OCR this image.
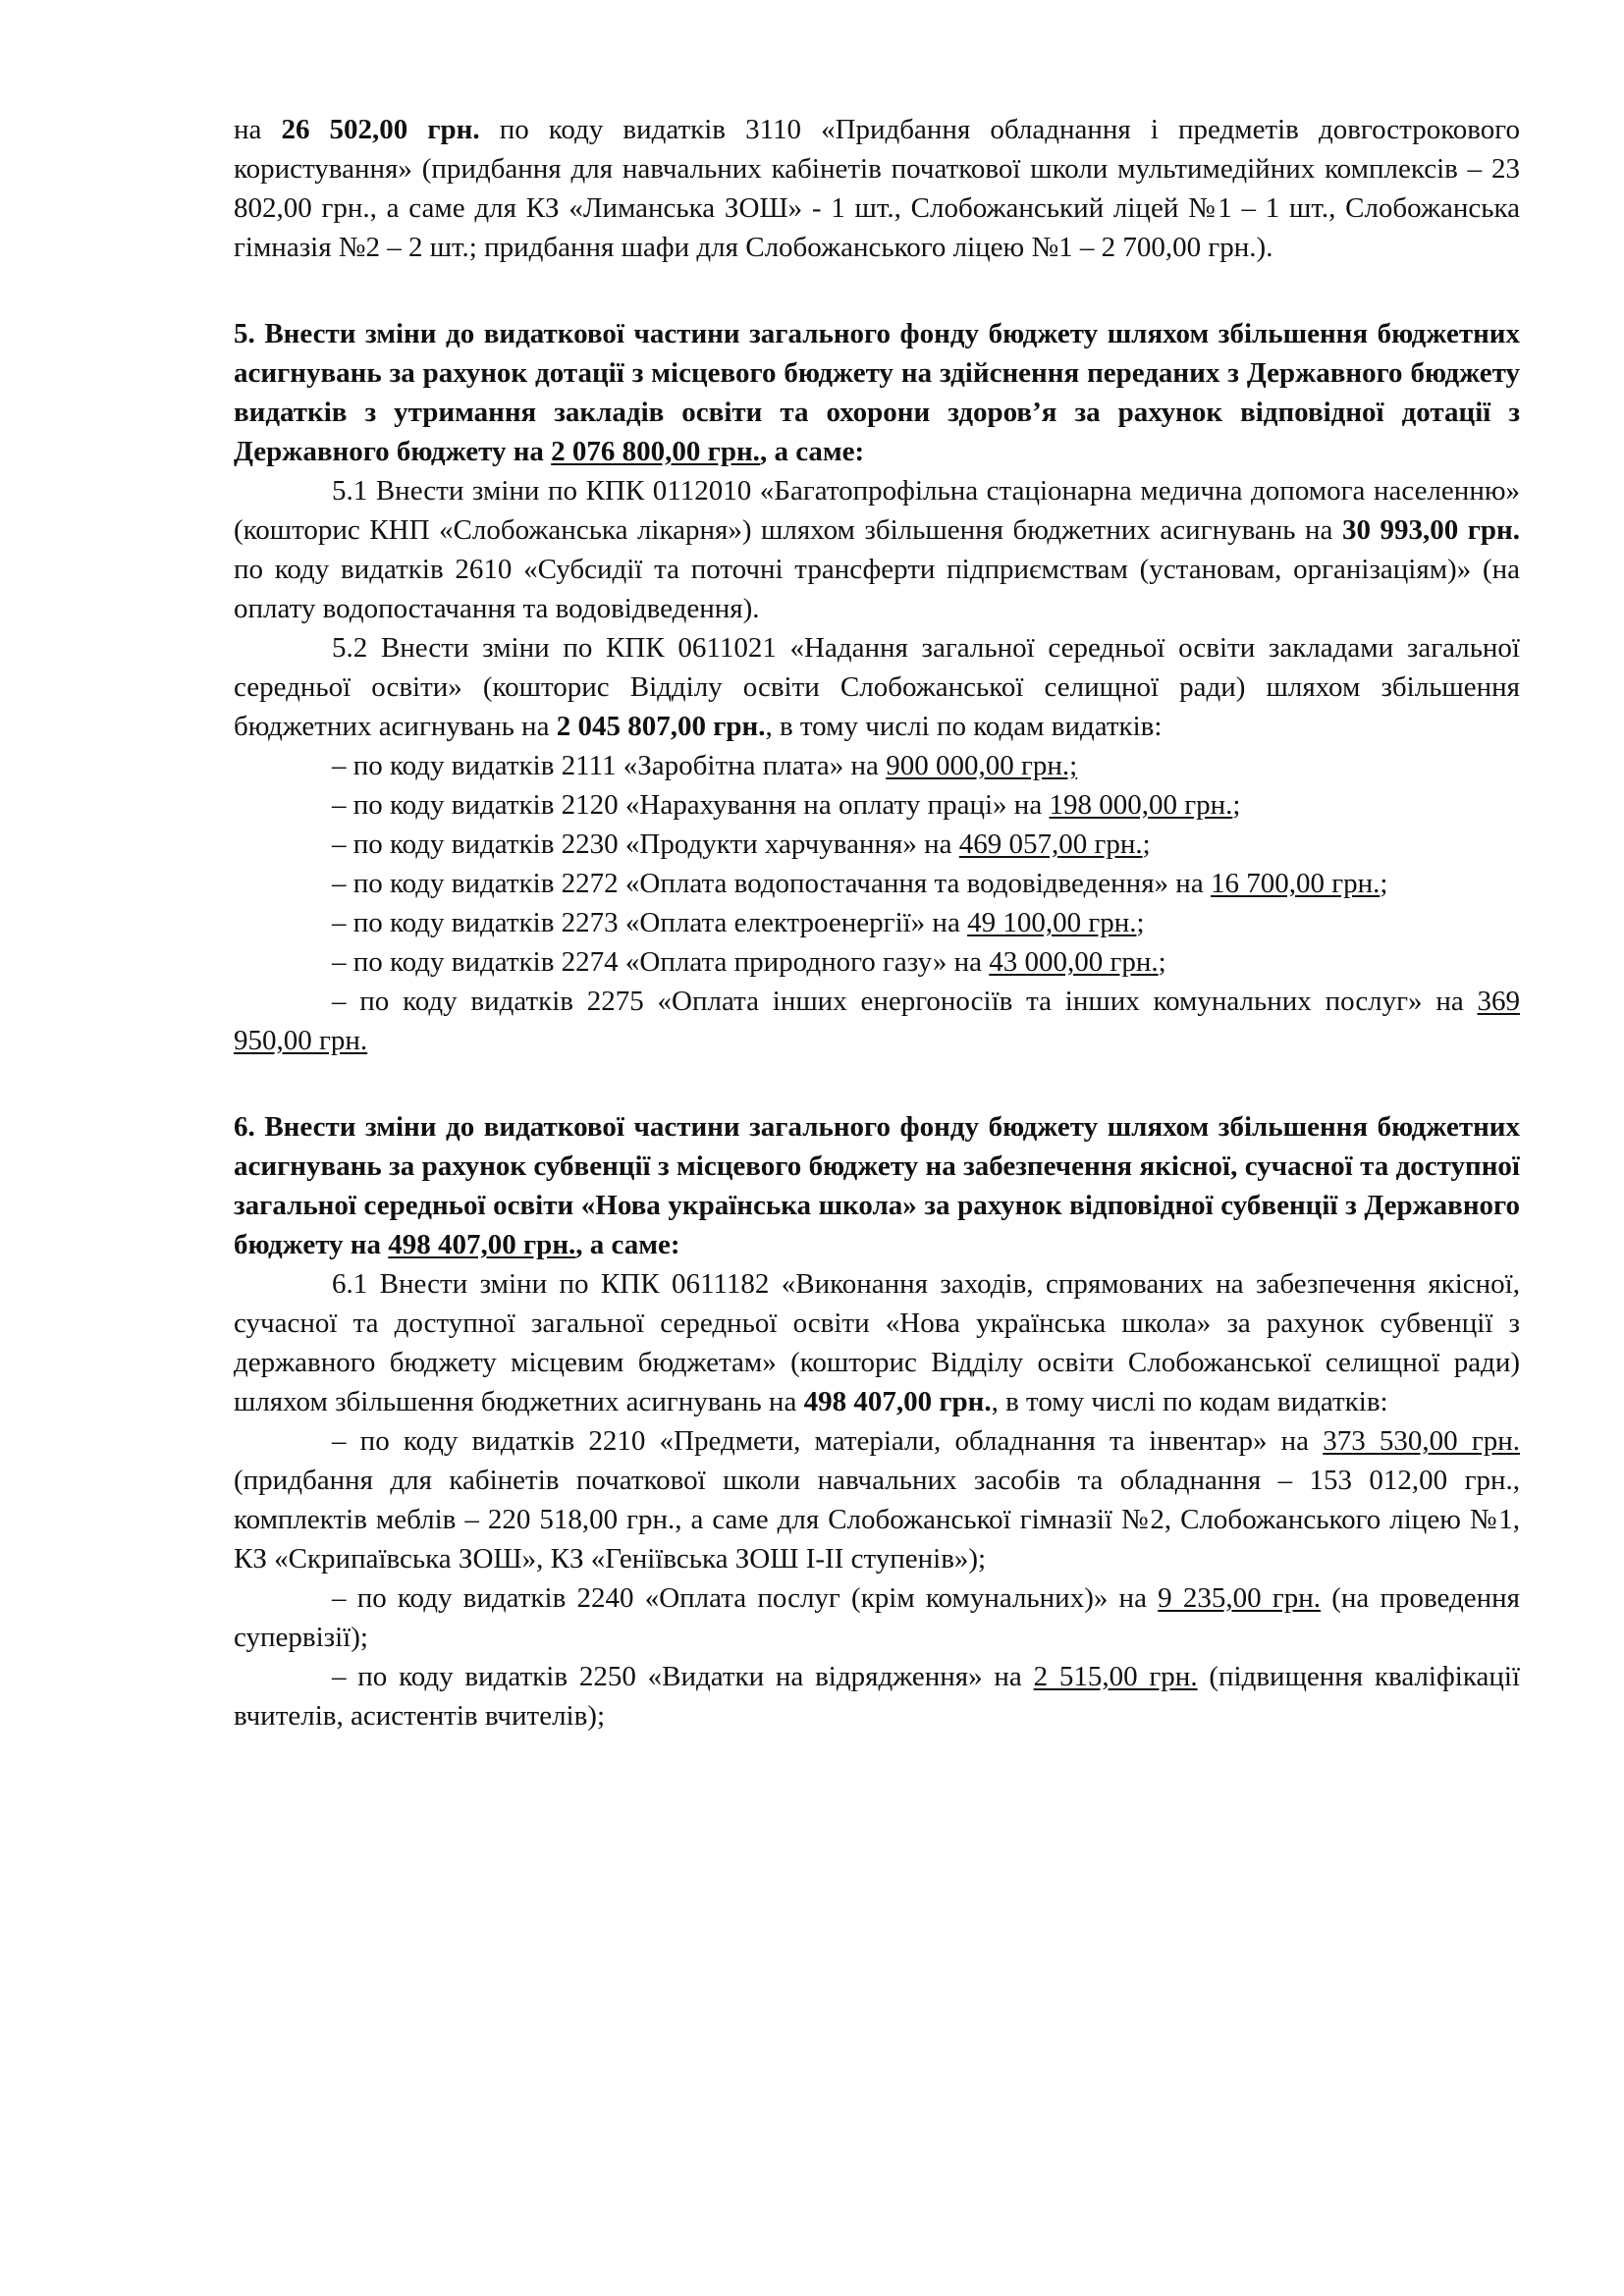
на 26 502,00 грн. по коду видатків 3110 «Придбання обладнання і предметів довгострокового користування» (придбання для навчальних кабінетів початкової школи мультимедійних комплексів – 23 802,00 грн., а саме для КЗ «Лиманська ЗОШ» - 1 шт., Слобожанський ліцей №1 – 1 шт., Слобожанська гімназія №2 – 2 шт.; придбання шафи для Слобожанського ліцею №1 – 2 700,00 грн.).

5. Внести зміни до видаткової частини загального фонду бюджету шляхом збільшення бюджетних асигнувань за рахунок дотації з місцевого бюджету на здійснення переданих з Державного бюджету видатків з утримання закладів освіти та охорони здоров’я за рахунок відповідної дотації з Державного бюджету на 2 076 800,00 грн., а саме:

5.1 Внести зміни по КПК 0112010 «Багатопрофільна стаціонарна медична допомога населенню» (кошторис КНП «Слобожанська лікарня») шляхом збільшення бюджетних асигнувань на 30 993,00 грн. по коду видатків 2610 «Субсидії та поточні трансферти підприємствам (установам, організаціям)» (на оплату водопостачання та водовідведення).

5.2 Внести зміни по КПК 0611021 «Надання загальної середньої освіти закладами загальної середньої освіти» (кошторис Відділу освіти Слобожанської селищної ради) шляхом збільшення бюджетних асигнувань на 2 045 807,00 грн., в тому числі по кодам видатків:

– по коду видатків 2111 «Заробітна плата» на 900 000,00 грн.;

– по коду видатків 2120 «Нарахування на оплату праці» на 198 000,00 грн.;

– по коду видатків 2230 «Продукти харчування» на 469 057,00 грн.;

– по коду видатків 2272 «Оплата водопостачання та водовідведення» на 16 700,00 грн.;

– по коду видатків 2273 «Оплата електроенергії» на 49 100,00 грн.;

– по коду видатків 2274 «Оплата природного газу» на 43 000,00 грн.;

– по коду видатків 2275 «Оплата інших енергоносіїв та інших комунальних послуг» на 369 950,00 грн.

6. Внести зміни до видаткової частини загального фонду бюджету шляхом збільшення бюджетних асигнувань за рахунок субвенції з місцевого бюджету на забезпечення якісної, сучасної та доступної загальної середньої освіти «Нова українська школа» за рахунок відповідної субвенції з Державного бюджету на 498 407,00 грн., а саме:

6.1 Внести зміни по КПК 0611182 «Виконання заходів, спрямованих на забезпечення якісної, сучасної та доступної загальної середньої освіти «Нова українська школа» за рахунок субвенції з державного бюджету місцевим бюджетам» (кошторис Відділу освіти Слобожанської селищної ради) шляхом збільшення бюджетних асигнувань на 498 407,00 грн., в тому числі по кодам видатків:

– по коду видатків 2210 «Предмети, матеріали, обладнання та інвентар» на 373 530,00 грн. (придбання для кабінетів початкової школи навчальних засобів та обладнання – 153 012,00 грн., комплектів меблів – 220 518,00 грн., а саме для Слобожанської гімназії №2, Слобожанського ліцею №1, КЗ «Скрипаївська ЗОШ», КЗ «Геніївська ЗОШ І-ІІ ступенів»);

– по коду видатків 2240 «Оплата послуг (крім комунальних)» на 9 235,00 грн. (на проведення супервізії);

– по коду видатків 2250 «Видатки на відрядження» на 2 515,00 грн. (підвищення кваліфікації вчителів, асистентів вчителів);
